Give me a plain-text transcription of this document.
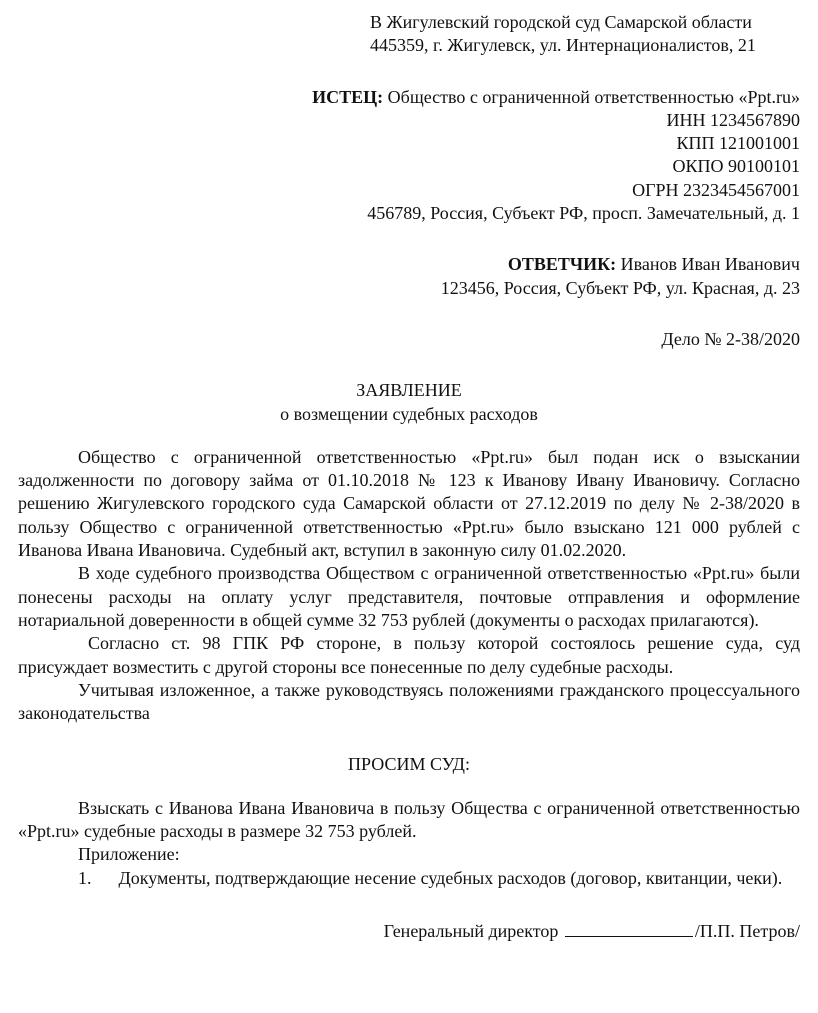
В Жигулевский городской суд Самарской области
445359, г. Жигулевск, ул. Интернационалистов, 21
ИСТЕЦ: Общество с ограниченной ответственностью «Ppt.ru»
ИНН 1234567890
КПП 121001001
ОКПО 90100101
ОГРН 2323454567001
456789, Россия, Субъект РФ, просп. Замечательный, д. 1
ОТВЕТЧИК: Иванов Иван Иванович
123456, Россия, Субъект РФ, ул. Красная, д. 23
Дело № 2-38/2020
ЗАЯВЛЕНИЕ
о возмещении судебных расходов

Общество с ограниченной ответственностью «Ppt.ru» был подан иск о взыскании задолженности по договору займа от 01.10.2018 № 123 к Иванову Ивану Ивановичу. Согласно решению Жигулевского городского суда Самарской области от 27.12.2019 по делу № 2-38/2020 в пользу Общество с ограниченной ответственностью «Ppt.ru» было взыскано 121 000 рублей с Иванова Ивана Ивановича. Судебный акт, вступил в законную силу 01.02.2020.

В ходе судебного производства Обществом с ограниченной ответственностью «Ppt.ru» были понесены расходы на оплату услуг представителя, почтовые отправления и оформление нотариальной доверенности в общей сумме 32 753 рублей (документы о расходах прилагаются).

Согласно ст. 98 ГПК РФ стороне, в пользу которой состоялось решение суда, суд присуждает возместить с другой стороны все понесенные по делу судебные расходы.

Учитывая изложенное, а также руководствуясь положениями гражданского процессуального законодательства

ПРОСИМ СУД:

Взыскать с Иванова Ивана Ивановича в пользу Общества с ограниченной ответственностью «Ppt.ru» судебные расходы в размере 32 753 рублей.

Приложение:

1. Документы, подтверждающие несение судебных расходов (договор, квитанции, чеки).

Генеральный директор	/П.П. Петров/
